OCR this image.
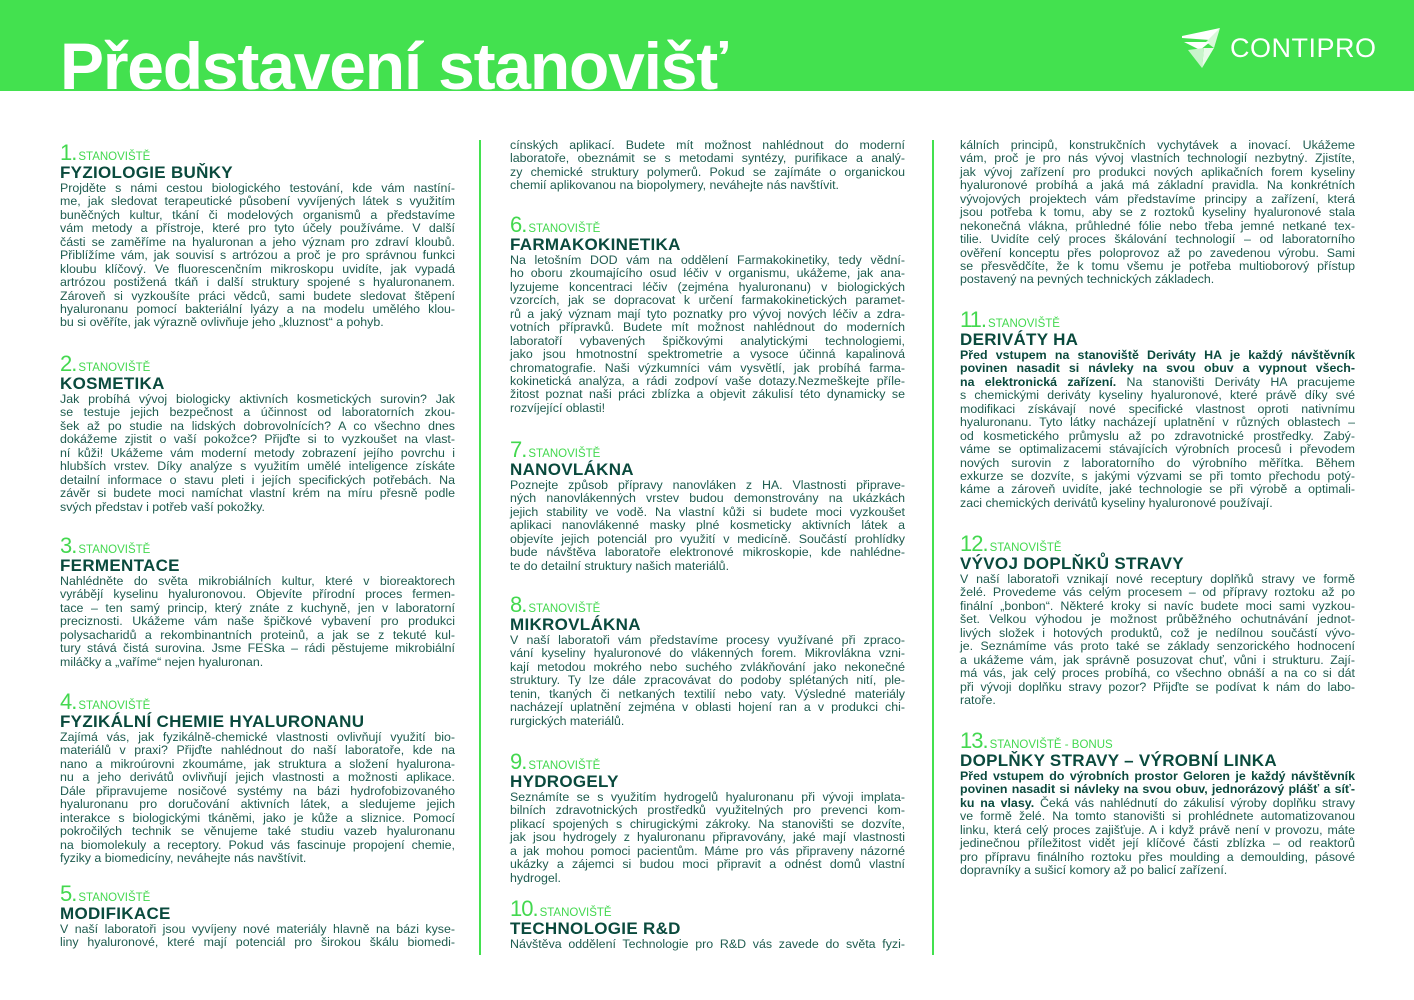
Představení stanovišť	CONTIPRO
1. STANOVIŠTĚ
FYZIOLOGIE BUŇKY
Projděte s námi cestou biologického testování, kde vám nastíní-
me, jak sledovat terapeutické působení vyvíjených látek s využitím
buněčných kultur, tkání či modelových organismů a představíme
vám metody a přístroje, které pro tyto účely používáme. V další
části se zaměříme na hyaluronan a jeho význam pro zdraví kloubů.
Přiblížíme vám, jak souvisí s artrózou a proč je pro správnou funkci
kloubu klíčový. Ve fluorescenčním mikroskopu uvidíte, jak vypadá
artrózou postižená tkáň i další struktury spojené s hyaluronanem.
Zároveň si vyzkoušíte práci vědců, sami budete sledovat štěpení
hyaluronanu pomocí bakteriální lyázy a na modelu umělého klou-
bu si ověříte, jak výrazně ovlivňuje jeho „kluznost“ a pohyb.
2. STANOVIŠTĚ
KOSMETIKA
Jak probíhá vývoj biologicky aktivních kosmetických surovin? Jak
se testuje jejich bezpečnost a účinnost od laboratorních zkou-
šek až po studie na lidských dobrovolnících? A co všechno dnes
dokážeme zjistit o vaší pokožce? Přijďte si to vyzkoušet na vlast-
ní kůži! Ukážeme vám moderní metody zobrazení jejího povrchu i
hlubších vrstev. Díky analýze s využitím umělé inteligence získáte
detailní informace o stavu pleti i jejích specifických potřebách. Na
závěr si budete moci namíchat vlastní krém na míru přesně podle
svých představ i potřeb vaší pokožky.
3. STANOVIŠTĚ
FERMENTACE
Nahlédněte do světa mikrobiálních kultur, které v bioreaktorech
vyrábějí kyselinu hyaluronovou. Objevíte přírodní proces fermen-
tace – ten samý princip, který znáte z kuchyně, jen v laboratorní
preciznosti. Ukážeme vám naše špičkové vybavení pro produkci
polysacharidů a rekombinantních proteinů, a jak se z tekuté kul-
tury stává čistá surovina. Jsme FESka – rádi pěstujeme mikrobiální
miláčky a „vaříme“ nejen hyaluronan.
4. STANOVIŠTĚ
FYZIKÁLNÍ CHEMIE HYALURONANU
Zajímá vás, jak fyzikálně-chemické vlastnosti ovlivňují využití bio-
materiálů v praxi? Přijďte nahlédnout do naší laboratoře, kde na
nano a mikroúrovni zkoumáme, jak struktura a složení hyalurona-
nu a jeho derivátů ovlivňují jejich vlastnosti a možnosti aplikace.
Dále připravujeme nosičové systémy na bázi hydrofobizovaného
hyaluronanu pro doručování aktivních látek, a sledujeme jejich
interakce s biologickými tkáněmi, jako je kůže a sliznice. Pomocí
pokročilých technik se věnujeme také studiu vazeb hyaluronanu
na biomolekuly a receptory. Pokud vás fascinuje propojení chemie,
fyziky a biomedicíny, neváhejte nás navštívit.
5. STANOVIŠTĚ
MODIFIKACE
V naší laboratoři jsou vyvíjeny nové materiály hlavně na bázi kyse-
liny hyaluronové, které mají potenciál pro širokou škálu biomedi-
cínských aplikací. Budete mít možnost nahlédnout do moderní
laboratoře, obeznámit se s metodami syntézy, purifikace a analý-
zy chemické struktury polymerů. Pokud se zajímáte o organickou
chemií aplikovanou na biopolymery, neváhejte nás navštívit.
6. STANOVIŠTĚ
FARMAKOKINETIKA
Na letošním DOD vám na oddělení Farmakokinetiky, tedy vědní-
ho oboru zkoumajícího osud léčiv v organismu, ukážeme, jak ana-
lyzujeme koncentraci léčiv (zejména hyaluronanu) v biologických
vzorcích, jak se dopracovat k určení farmakokinetických paramet-
rů a jaký význam mají tyto poznatky pro vývoj nových léčiv a zdra-
votních přípravků. Budete mít možnost nahlédnout do moderních
laboratoří vybavených špičkovými analytickými technologiemi,
jako jsou hmotnostní spektrometrie a vysoce účinná kapalinová
chromatografie. Naši výzkumníci vám vysvětlí, jak probíhá farma-
kokinetická analýza, a rádi zodpoví vaše dotazy.Nezmeškejte příle-
žitost poznat naši práci zblízka a objevit zákulisí této dynamicky se
rozvíjející oblasti!
7. STANOVIŠTĚ
NANOVLÁKNA
Poznejte způsob přípravy nanovláken z HA. Vlastnosti připrave-
ných nanovlákenných vrstev budou demonstrovány na ukázkách
jejich stability ve vodě. Na vlastní kůži si budete moci vyzkoušet
aplikaci nanovlákenné masky plné kosmeticky aktivních látek a
objevíte jejich potenciál pro využití v medicíně. Součástí prohlídky
bude návštěva laboratoře elektronové mikroskopie, kde nahlédne-
te do detailní struktury našich materiálů.
8. STANOVIŠTĚ
MIKROVLÁKNA
V naší laboratoři vám představíme procesy využívané při zpraco-
vání kyseliny hyaluronové do vlákenných forem. Mikrovlákna vzni-
kají metodou mokrého nebo suchého zvlákňování jako nekonečné
struktury. Ty lze dále zpracovávat do podoby splétaných nití, ple-
tenin, tkaných či netkaných textilií nebo vaty. Výsledné materiály
nacházejí uplatnění zejména v oblasti hojení ran a v produkci chi-
rurgických materiálů.
9. STANOVIŠTĚ
HYDROGELY
Seznámíte se s využitím hydrogelů hyaluronanu při vývoji implata-
bilních zdravotnických prostředků využitelných pro prevenci kom-
plikací spojených s chirugickými zákroky. Na stanovišti se dozvíte,
jak jsou hydrogely z hyaluronanu připravovány, jaké mají vlastnosti
a jak mohou pomoci pacientům. Máme pro vás připraveny názorné
ukázky a zájemci si budou moci připravit a odnést domů vlastní
hydrogel.
10. STANOVIŠTĚ
TECHNOLOGIE R&D
Návštěva oddělení Technologie pro R&D vás zavede do světa fyzi-
kálních principů, konstrukčních vychytávek a inovací. Ukážeme
vám, proč je pro nás vývoj vlastních technologií nezbytný. Zjistíte,
jak vývoj zařízení pro produkci nových aplikačních forem kyseliny
hyaluronové probíhá a jaká má základní pravidla. Na konkrétních
vývojových projektech vám představíme principy a zařízení, která
jsou potřeba k tomu, aby se z roztoků kyseliny hyaluronové stala
nekonečná vlákna, průhledné fólie nebo třeba jemné netkané tex-
tilie. Uvidíte celý proces škálování technologií – od laboratorního
ověření konceptu přes poloprovoz až po zavedenou výrobu. Sami
se přesvědčíte, že k tomu všemu je potřeba multioborový přístup
postavený na pevných technických základech.
11. STANOVIŠTĚ
DERIVÁTY HA
Před vstupem na stanoviště Deriváty HA je každý návštěvník
povinen nasadit si návleky na svou obuv a vypnout všech-
na elektronická zařízení. Na stanovišti Deriváty HA pracujeme
s chemickými deriváty kyseliny hyaluronové, které právě díky své
modifikaci získávají nové specifické vlastnost oproti nativnímu
hyaluronanu. Tyto látky nacházejí uplatnění v různých oblastech –
od kosmetického průmyslu až po zdravotnické prostředky. Zabý-
váme se optimalizacemi stávajících výrobních procesů i převodem
nových surovin z laboratorního do výrobního měřítka. Během
exkurze se dozvíte, s jakými výzvami se při tomto přechodu potý-
káme a zároveň uvidíte, jaké technologie se při výrobě a optimali-
zaci chemických derivátů kyseliny hyaluronové používají.
12. STANOVIŠTĚ
VÝVOJ DOPLŇKŮ STRAVY
V naší laboratoři vznikají nové receptury doplňků stravy ve formě
želé. Provedeme vás celým procesem – od přípravy roztoku až po
finální „bonbon“. Některé kroky si navíc budete moci sami vyzkou-
šet. Velkou výhodou je možnost průběžného ochutnávání jednot-
livých složek i hotových produktů, což je nedílnou součástí vývo-
je. Seznámíme vás proto také se základy senzorického hodnocení
a ukážeme vám, jak správně posuzovat chuť, vůni i strukturu. Zají-
má vás, jak celý proces probíhá, co všechno obnáší a na co si dát
při vývoji doplňku stravy pozor? Přijďte se podívat k nám do labo-
ratoře.
13. STANOVIŠTĚ - BONUS
DOPLŇKY STRAVY – VÝROBNÍ LINKA
Před vstupem do výrobních prostor Geloren je každý návštěvník
povinen nasadit si návleky na svou obuv, jednorázový plášť a síť-
ku na vlasy. Čeká vás nahlédnutí do zákulisí výroby doplňku stravy
ve formě želé. Na tomto stanovišti si prohlédnete automatizovanou
linku, která celý proces zajišťuje. A i když právě není v provozu, máte
jedinečnou příležitost vidět její klíčové části zblízka – od reaktorů
pro přípravu finálního roztoku přes moulding a demoulding, pásové
dopravníky a sušicí komory až po balicí zařízení.
